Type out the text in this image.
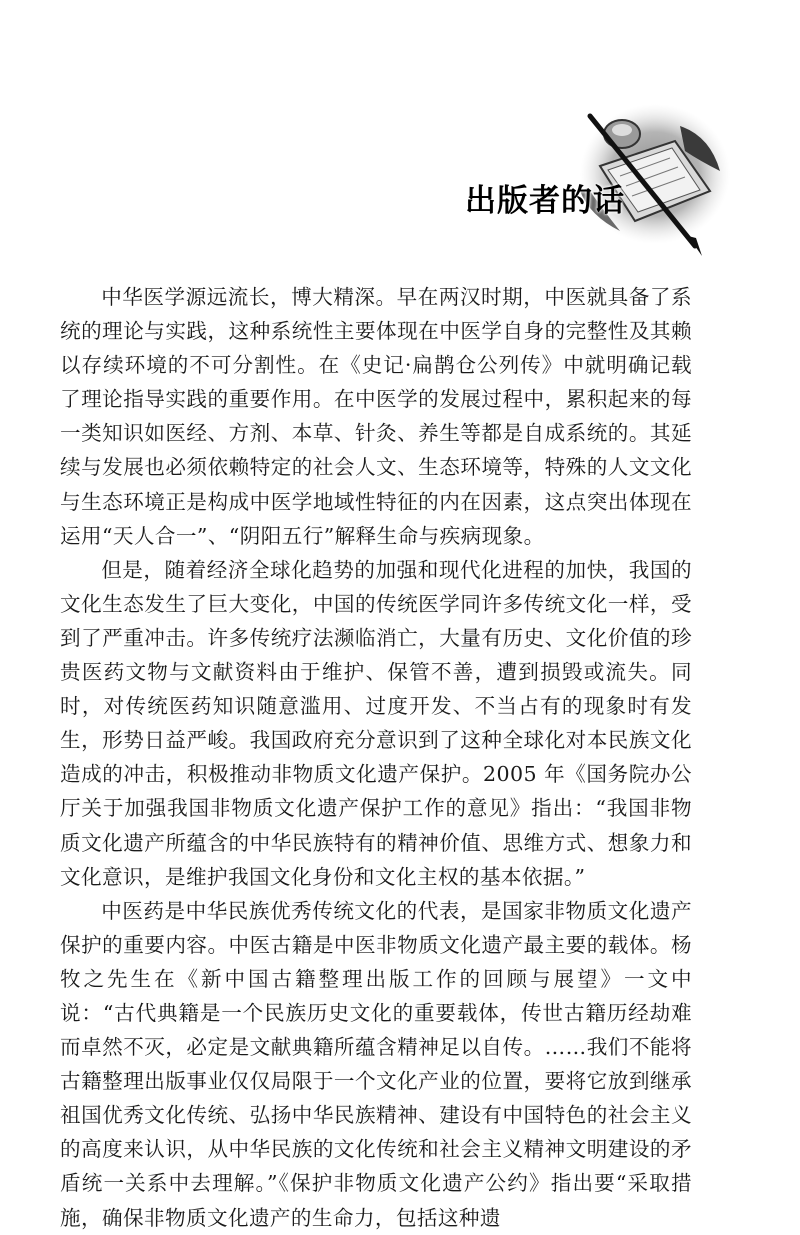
出版者的话

中华医学源远流长，博大精深。早在两汉时期，中医就具备了系统的理论与实践，这种系统性主要体现在中医学自身的完整性及其赖以存续环境的不可分割性。在《史记·扁鹊仓公列传》中就明确记载了理论指导实践的重要作用。在中医学的发展过程中，累积起来的每一类知识如医经、方剂、本草、针灸、养生等都是自成系统的。其延续与发展也必须依赖特定的社会人文、生态环境等，特殊的人文文化与生态环境正是构成中医学地域性特征的内在因素，这点突出体现在运用“天人合一”、“阴阳五行”解释生命与疾病现象。

但是，随着经济全球化趋势的加强和现代化进程的加快，我国的文化生态发生了巨大变化，中国的传统医学同许多传统文化一样，受到了严重冲击。许多传统疗法濒临消亡，大量有历史、文化价值的珍贵医药文物与文献资料由于维护、保管不善，遭到损毁或流失。同时，对传统医药知识随意滥用、过度开发、不当占有的现象时有发生，形势日益严峻。我国政府充分意识到了这种全球化对本民族文化造成的冲击，积极推动非物质文化遗产保护。2005 年《国务院办公厅关于加强我国非物质文化遗产保护工作的意见》指出：“我国非物质文化遗产所蕴含的中华民族特有的精神价值、思维方式、想象力和文化意识，是维护我国文化身份和文化主权的基本依据。”

中医药是中华民族优秀传统文化的代表，是国家非物质文化遗产保护的重要内容。中医古籍是中医非物质文化遗产最主要的载体。杨牧之先生在《新中国古籍整理出版工作的回顾与展望》一文中说：“古代典籍是一个民族历史文化的重要载体，传世古籍历经劫难而卓然不灭，必定是文献典籍所蕴含精神足以自传。……我们不能将古籍整理出版事业仅仅局限于一个文化产业的位置，要将它放到继承祖国优秀文化传统、弘扬中华民族精神、建设有中国特色的社会主义的高度来认识，从中华民族的文化传统和社会主义精神文明建设的矛盾统一关系中去理解。”《保护非物质文化遗产公约》指出要“采取措施，确保非物质文化遗产的生命力，包括这种遗
